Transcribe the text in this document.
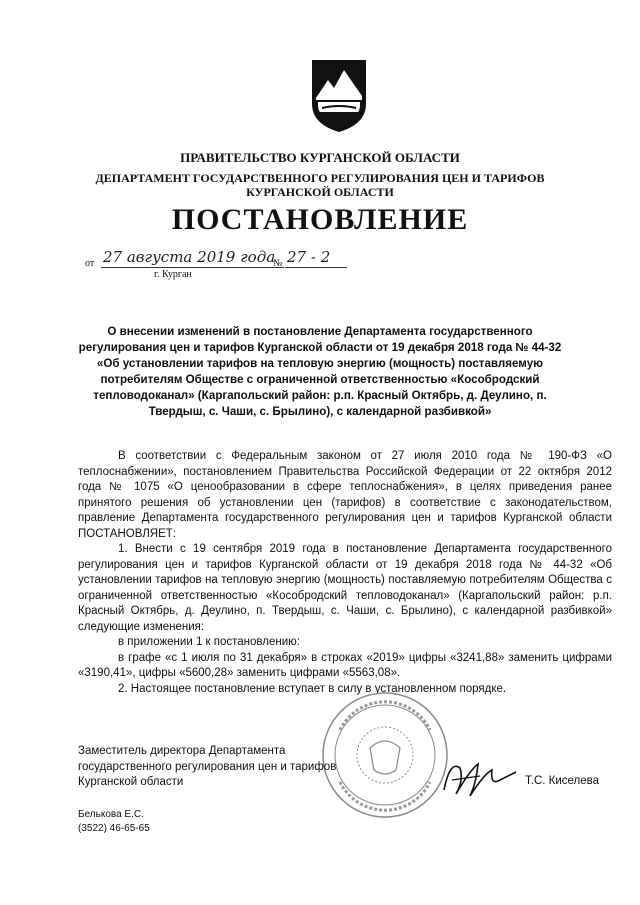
ПРАВИТЕЛЬСТВО КУРГАНСКОЙ ОБЛАСТИ
ДЕПАРТАМЕНТ ГОСУДАРСТВЕННОГО РЕГУЛИРОВАНИЯ ЦЕН И ТАРИФОВ
КУРГАНСКОЙ ОБЛАСТИ
ПОСТАНОВЛЕНИЕ
от 27 августа 2019 года
№ 27 - 2
г. Курган
О внесении изменений в постановление Департамента государственного регулирования цен и тарифов Курганской области от 19 декабря 2018 года № 44-32 «Об установлении тарифов на тепловую энергию (мощность) поставляемую потребителям Обществе с ограниченной ответственностью «Кособродский тепловодоканал» (Каргапольский район: р.п. Красный Октябрь, д. Деулино, п. Твердыш, с. Чаши, с. Брылино), с календарной разбивкой»

В соответствии с Федеральным законом от 27 июля 2010 года № 190-ФЗ «О теплоснабжении», постановлением Правительства Российской Федерации от 22 октября 2012 года № 1075 «О ценообразовании в сфере теплоснабжения», в целях приведения ранее принятого решения об установлении цен (тарифов) в соответствие с законодательством, правление Департамента государственного регулирования цен и тарифов Курганской области ПОСТАНОВЛЯЕТ:

1. Внести с 19 сентября 2019 года в постановление Департамента государственного регулирования цен и тарифов Курганской области от 19 декабря 2018 года № 44-32 «Об установлении тарифов на тепловую энергию (мощность) поставляемую потребителям Общества с ограниченной ответственностью «Кособродский тепловодоканал» (Каргапольский район: р.п. Красный Октябрь, д. Деулино, п. Твердыш, с. Чаши, с. Брылино), с календарной разбивкой» следующие изменения:

в приложении 1 к постановлению:

в графе «с 1 июля по 31 декабря» в строках «2019» цифры «3241,88» заменить цифрами «3190,41», цифры «5600,28» заменить цифрами «5563,08».

2. Настоящее постановление вступает в силу в установленном порядке.

Заместитель директора Департамента
государственного регулирования цен и тарифов
Курганской области	Т.С. Киселева
Белькова Е.С.
(3522) 46-65-65
